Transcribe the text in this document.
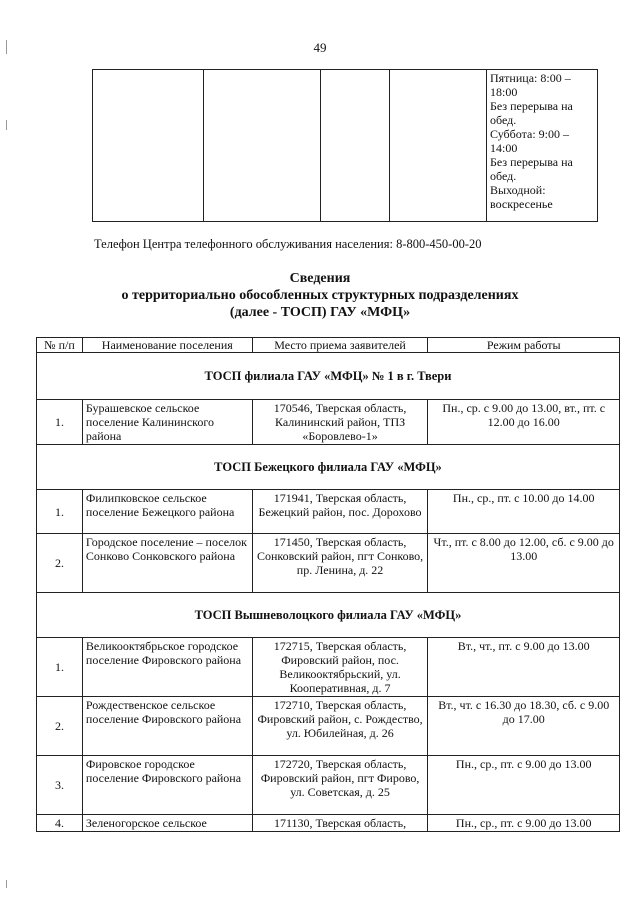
49
				Пятница: 8:00 –
18:00
Без перерыва на
обед.
Суббота: 9:00 –
14:00
Без перерыва на
обед.
Выходной:
воскресенье
Телефон Центра телефонного обслуживания населения: 8-800-450-00-20
Сведения
о территориально обособленных структурных подразделениях
(далее - ТОСП) ГАУ «МФЦ»
№ п/п	Наименование поселения	Место приема заявителей	Режим работы
ТОСП филиала ГАУ «МФЦ» № 1 в г. Твери			
1.	Бурашевское сельское поселение Калининского района	170546, Тверская область, Калининский район, ТПЗ «Боровлево-1»	Пн., ср. с 9.00 до 13.00, вт., пт. с 12.00 до 16.00
ТОСП Бежецкого филиала ГАУ «МФЦ»			
1.	Филипковское сельское поселение Бежецкого района	171941, Тверская область, Бежецкий район, пос. Дорохово	Пн., ср., пт. с 10.00 до 14.00
2.	Городское поселение – поселок Сонково Сонковского района	171450, Тверская область, Сонковский район, пгт Сонково, пр. Ленина, д. 22	Чт., пт. с 8.00 до 12.00, сб. с 9.00 до 13.00
ТОСП Вышневолоцкого филиала ГАУ «МФЦ»			
1.	Великооктябрьское городское поселение Фировского района	172715, Тверская область, Фировский район, пос. Великооктябрьский, ул. Кооперативная, д. 7	Вт., чт., пт. с 9.00 до 13.00
2.	Рождественское сельское поселение Фировского района	172710, Тверская область, Фировский район, с. Рождество, ул. Юбилейная, д. 26	Вт., чт. с 16.30 до 18.30, сб. с 9.00 до 17.00
3.	Фировское городское поселение Фировского района	172720, Тверская область, Фировский район, пгт Фирово, ул. Советская, д. 25	Пн., ср., пт. с 9.00 до 13.00
4.	Зеленогорское сельское	171130, Тверская область,	Пн., ср., пт. с 9.00 до 13.00
